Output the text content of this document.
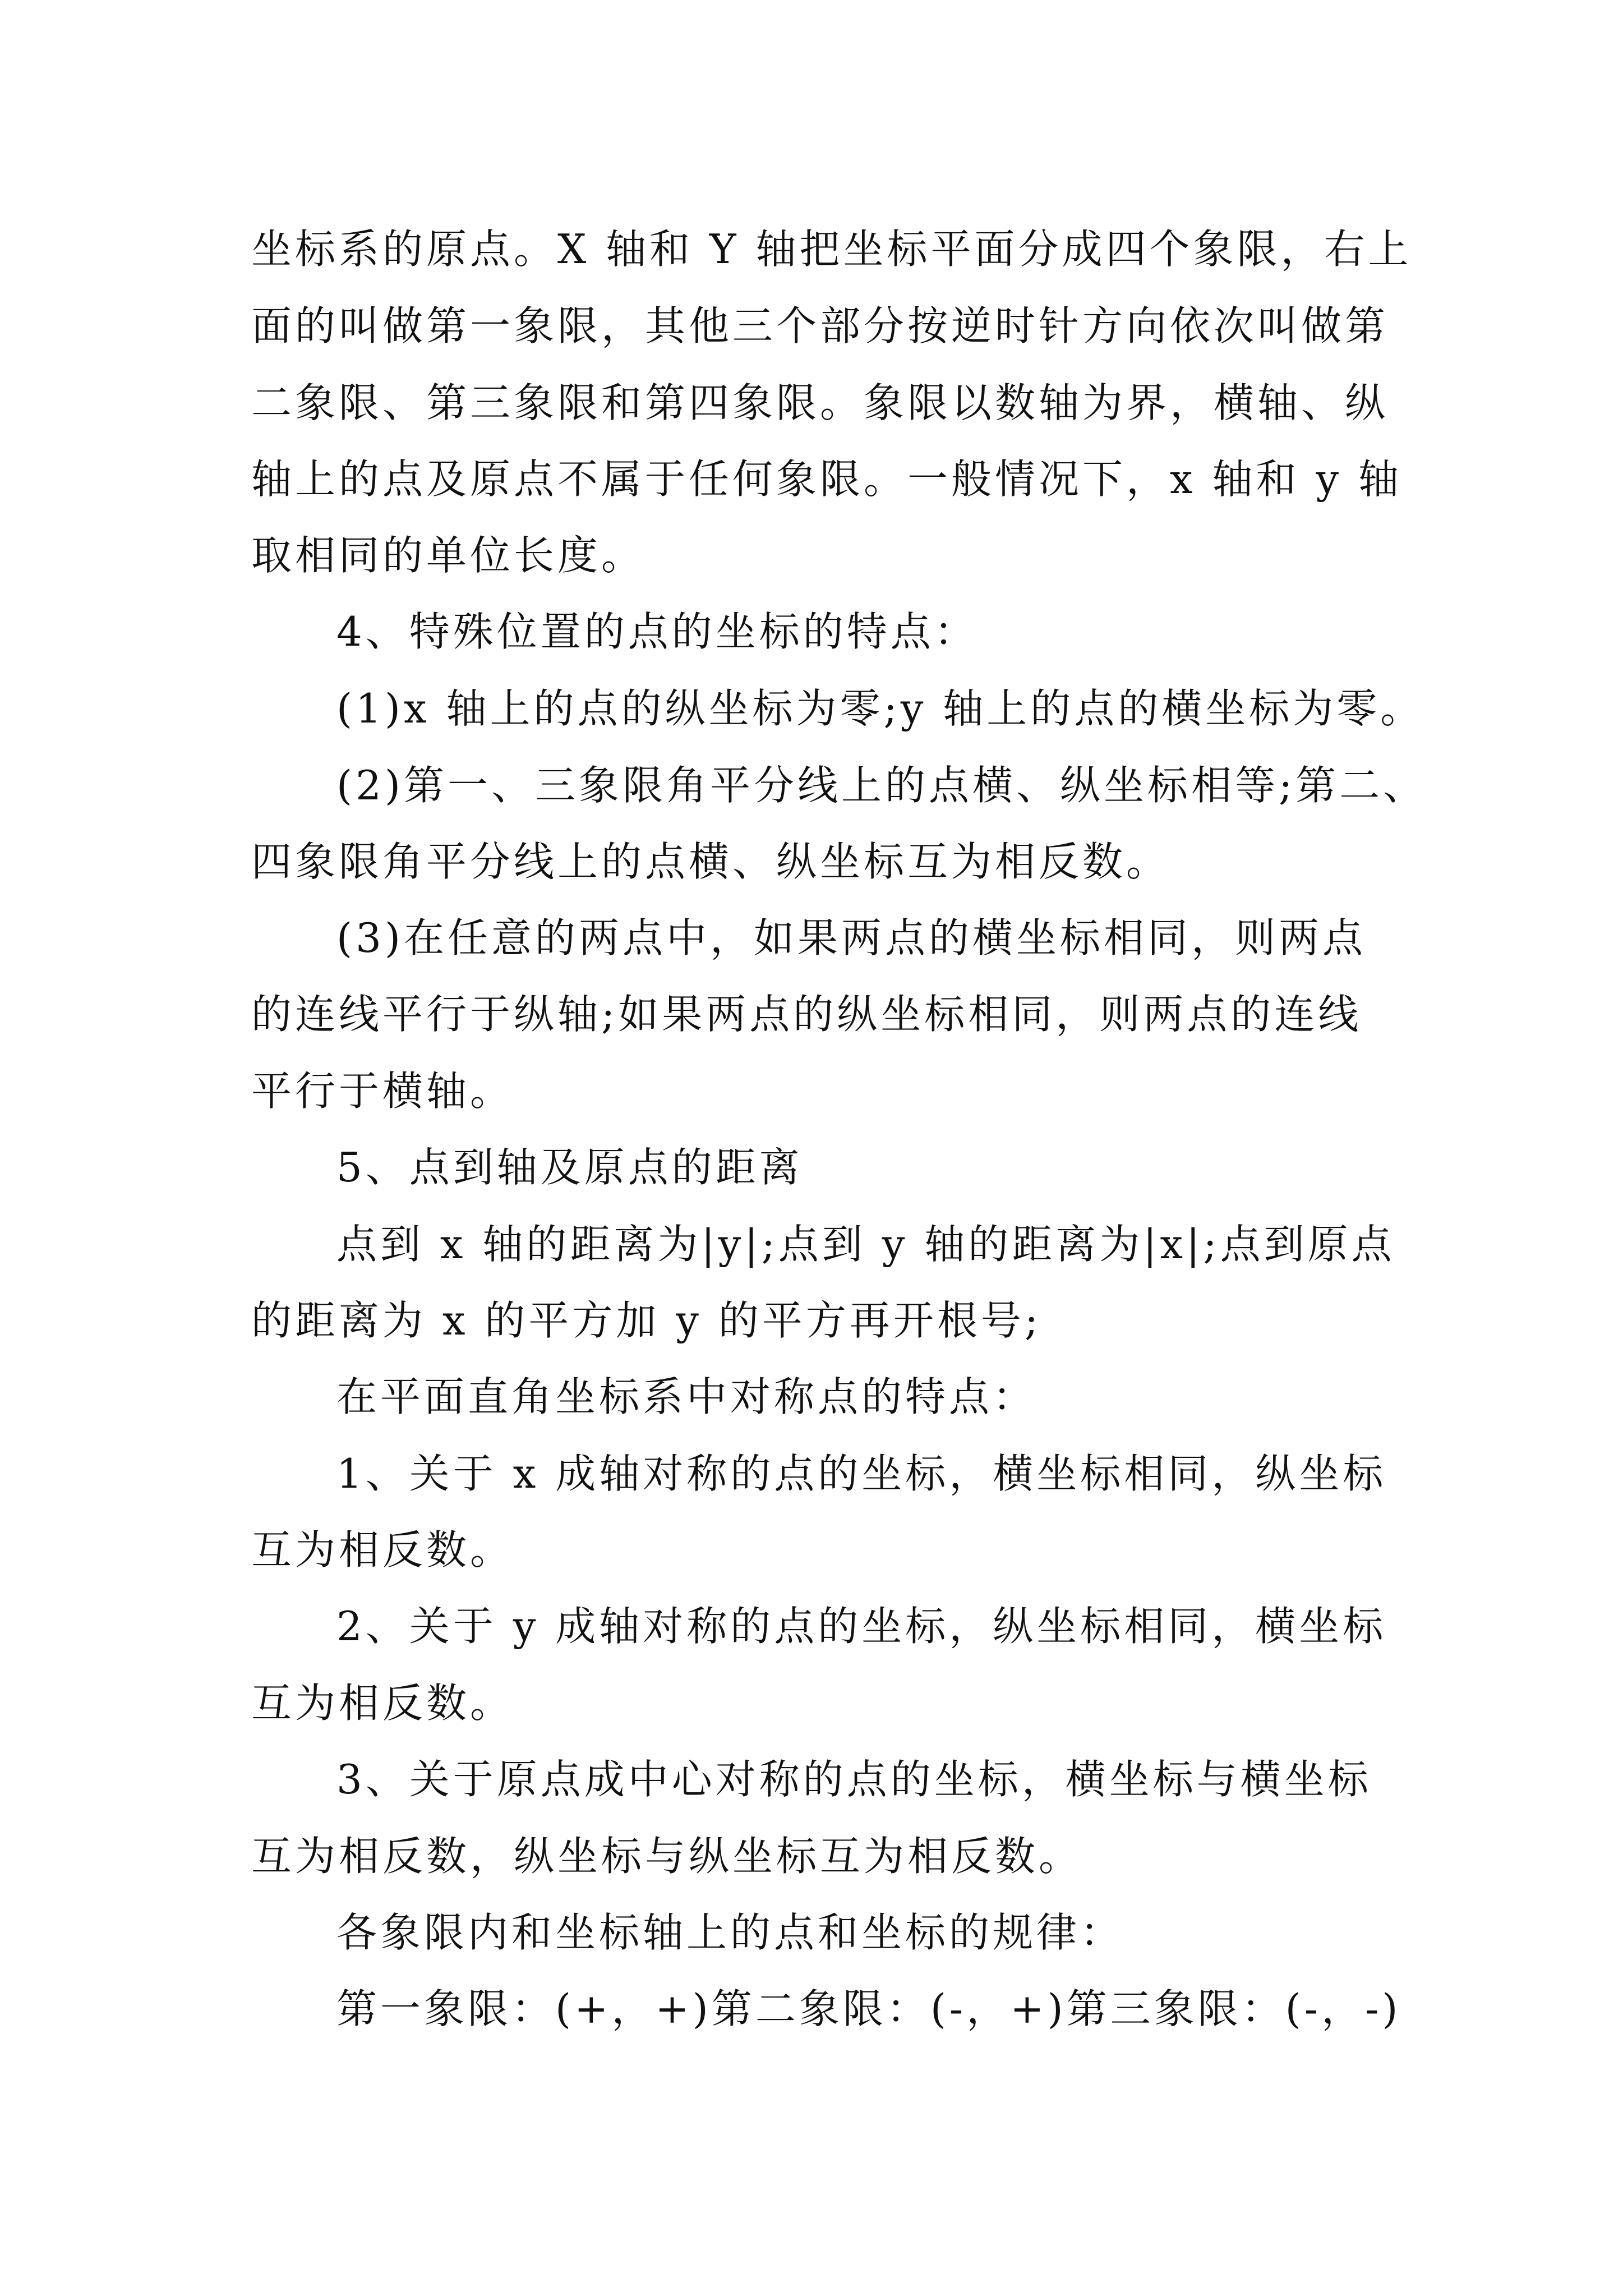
坐标系的原点。X 轴和 Y 轴把坐标平面分成四个象限，右上
面的叫做第一象限，其他三个部分按逆时针方向依次叫做第
二象限、第三象限和第四象限。象限以数轴为界，横轴、纵
轴上的点及原点不属于任何象限。一般情况下，x 轴和 y 轴
取相同的单位长度。
4、特殊位置的点的坐标的特点：
(1)x 轴上的点的纵坐标为零;y 轴上的点的横坐标为零。
(2)第一、三象限角平分线上的点横、纵坐标相等;第二、
四象限角平分线上的点横、纵坐标互为相反数。
(3)在任意的两点中，如果两点的横坐标相同，则两点
的连线平行于纵轴;如果两点的纵坐标相同，则两点的连线
平行于横轴。
5、点到轴及原点的距离
点到 x 轴的距离为|y|;点到 y 轴的距离为|x|;点到原点
的距离为 x 的平方加 y 的平方再开根号;
在平面直角坐标系中对称点的特点：
1、关于 x 成轴对称的点的坐标，横坐标相同，纵坐标
互为相反数。
2、关于 y 成轴对称的点的坐标，纵坐标相同，横坐标
互为相反数。
3、关于原点成中心对称的点的坐标，横坐标与横坐标
互为相反数，纵坐标与纵坐标互为相反数。
各象限内和坐标轴上的点和坐标的规律：
第一象限：(+，+)第二象限：(-，+)第三象限：(-，-)
